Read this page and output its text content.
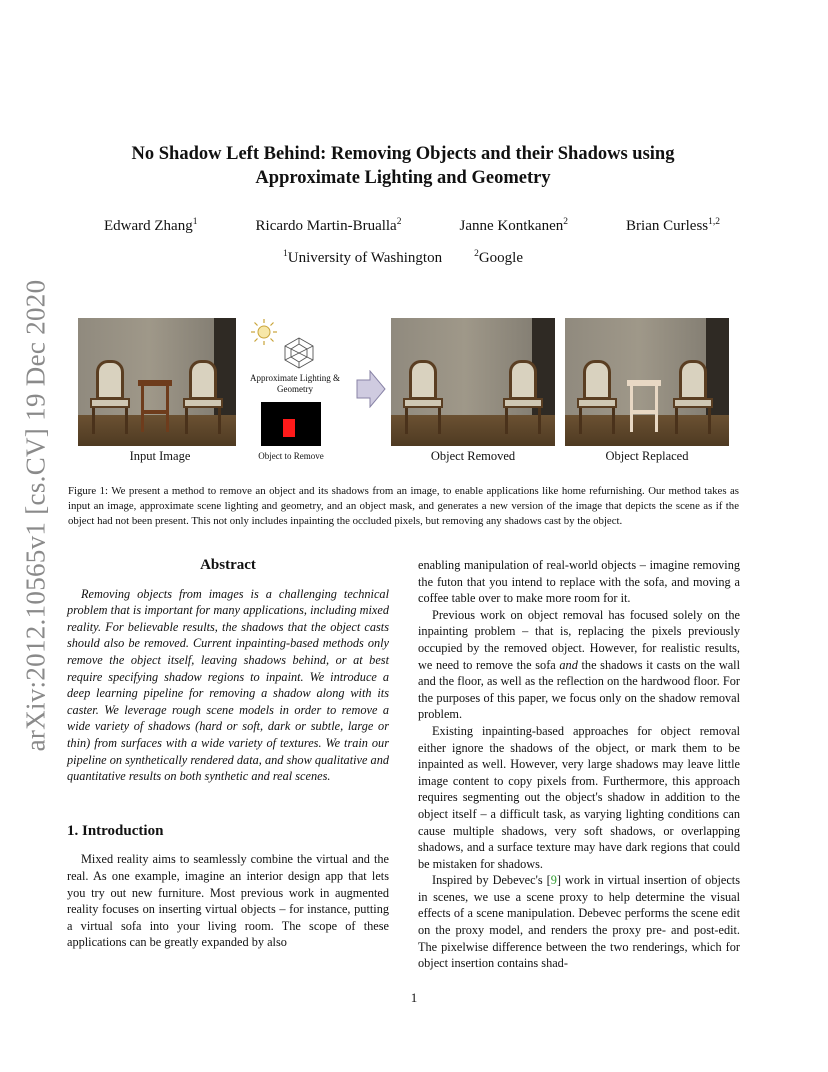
arXiv:2012.10565v1 [cs.CV] 19 Dec 2020
No Shadow Left Behind: Removing Objects and their Shadows using
Approximate Lighting and Geometry
Edward Zhang$^1$	Ricardo Martin-Brualla$^2$	Janne Kontkanen$^2$	Brian Curless$^{1,2}$
$^1$University of Washington	$^2$Google
Approximate Lighting & Geometry
Input Image	Object to Remove	Object Removed	Object Replaced
Figure 1: We present a method to remove an object and its shadows from an image, to enable applications like home refurnishing. Our method takes as input an image, approximate scene lighting and geometry, and an object mask, and generates a new version of the image that depicts the scene as if the object had not been present. This not only includes inpainting the occluded pixels, but removing any shadows cast by the object.
Abstract

Removing objects from images is a challenging technical problem that is important for many applications, including mixed reality. For believable results, the shadows that the object casts should also be removed. Current inpainting-based methods only remove the object itself, leaving shadows behind, or at best require specifying shadow regions to inpaint. We introduce a deep learning pipeline for removing a shadow along with its caster. We leverage rough scene models in order to remove a wide variety of shadows (hard or soft, dark or subtle, large or thin) from surfaces with a wide variety of textures. We train our pipeline on synthetically rendered data, and show qualitative and quantitative results on both synthetic and real scenes.

1. Introduction

Mixed reality aims to seamlessly combine the virtual and the real. As one example, imagine an interior design app that lets you try out new furniture. Most previous work in augmented reality focuses on inserting virtual objects – for instance, putting a virtual sofa into your living room. The scope of these applications can be greatly expanded by also

enabling manipulation of real-world objects – imagine removing the futon that you intend to replace with the sofa, and moving a coffee table over to make more room for it.

Previous work on object removal has focused solely on the inpainting problem – that is, replacing the pixels previously occupied by the removed object. However, for realistic results, we need to remove the sofa and the shadows it casts on the wall and the floor, as well as the reflection on the hardwood floor. For the purposes of this paper, we focus only on the shadow removal problem.

Existing inpainting-based approaches for object removal either ignore the shadows of the object, or mark them to be inpainted as well. However, very large shadows may leave little image content to copy pixels from. Furthermore, this approach requires segmenting out the object's shadow in addition to the object itself – a difficult task, as varying lighting conditions can cause multiple shadows, very soft shadows, or overlapping shadows, and a surface texture may have dark regions that could be mistaken for shadows.

Inspired by Debevec's [9] work in virtual insertion of objects in scenes, we use a scene proxy to help determine the visual effects of a scene manipulation. Debevec performs the scene edit on the proxy model, and renders the proxy pre- and post-edit. The pixelwise difference between the two renderings, which for object insertion contains shad-

1
